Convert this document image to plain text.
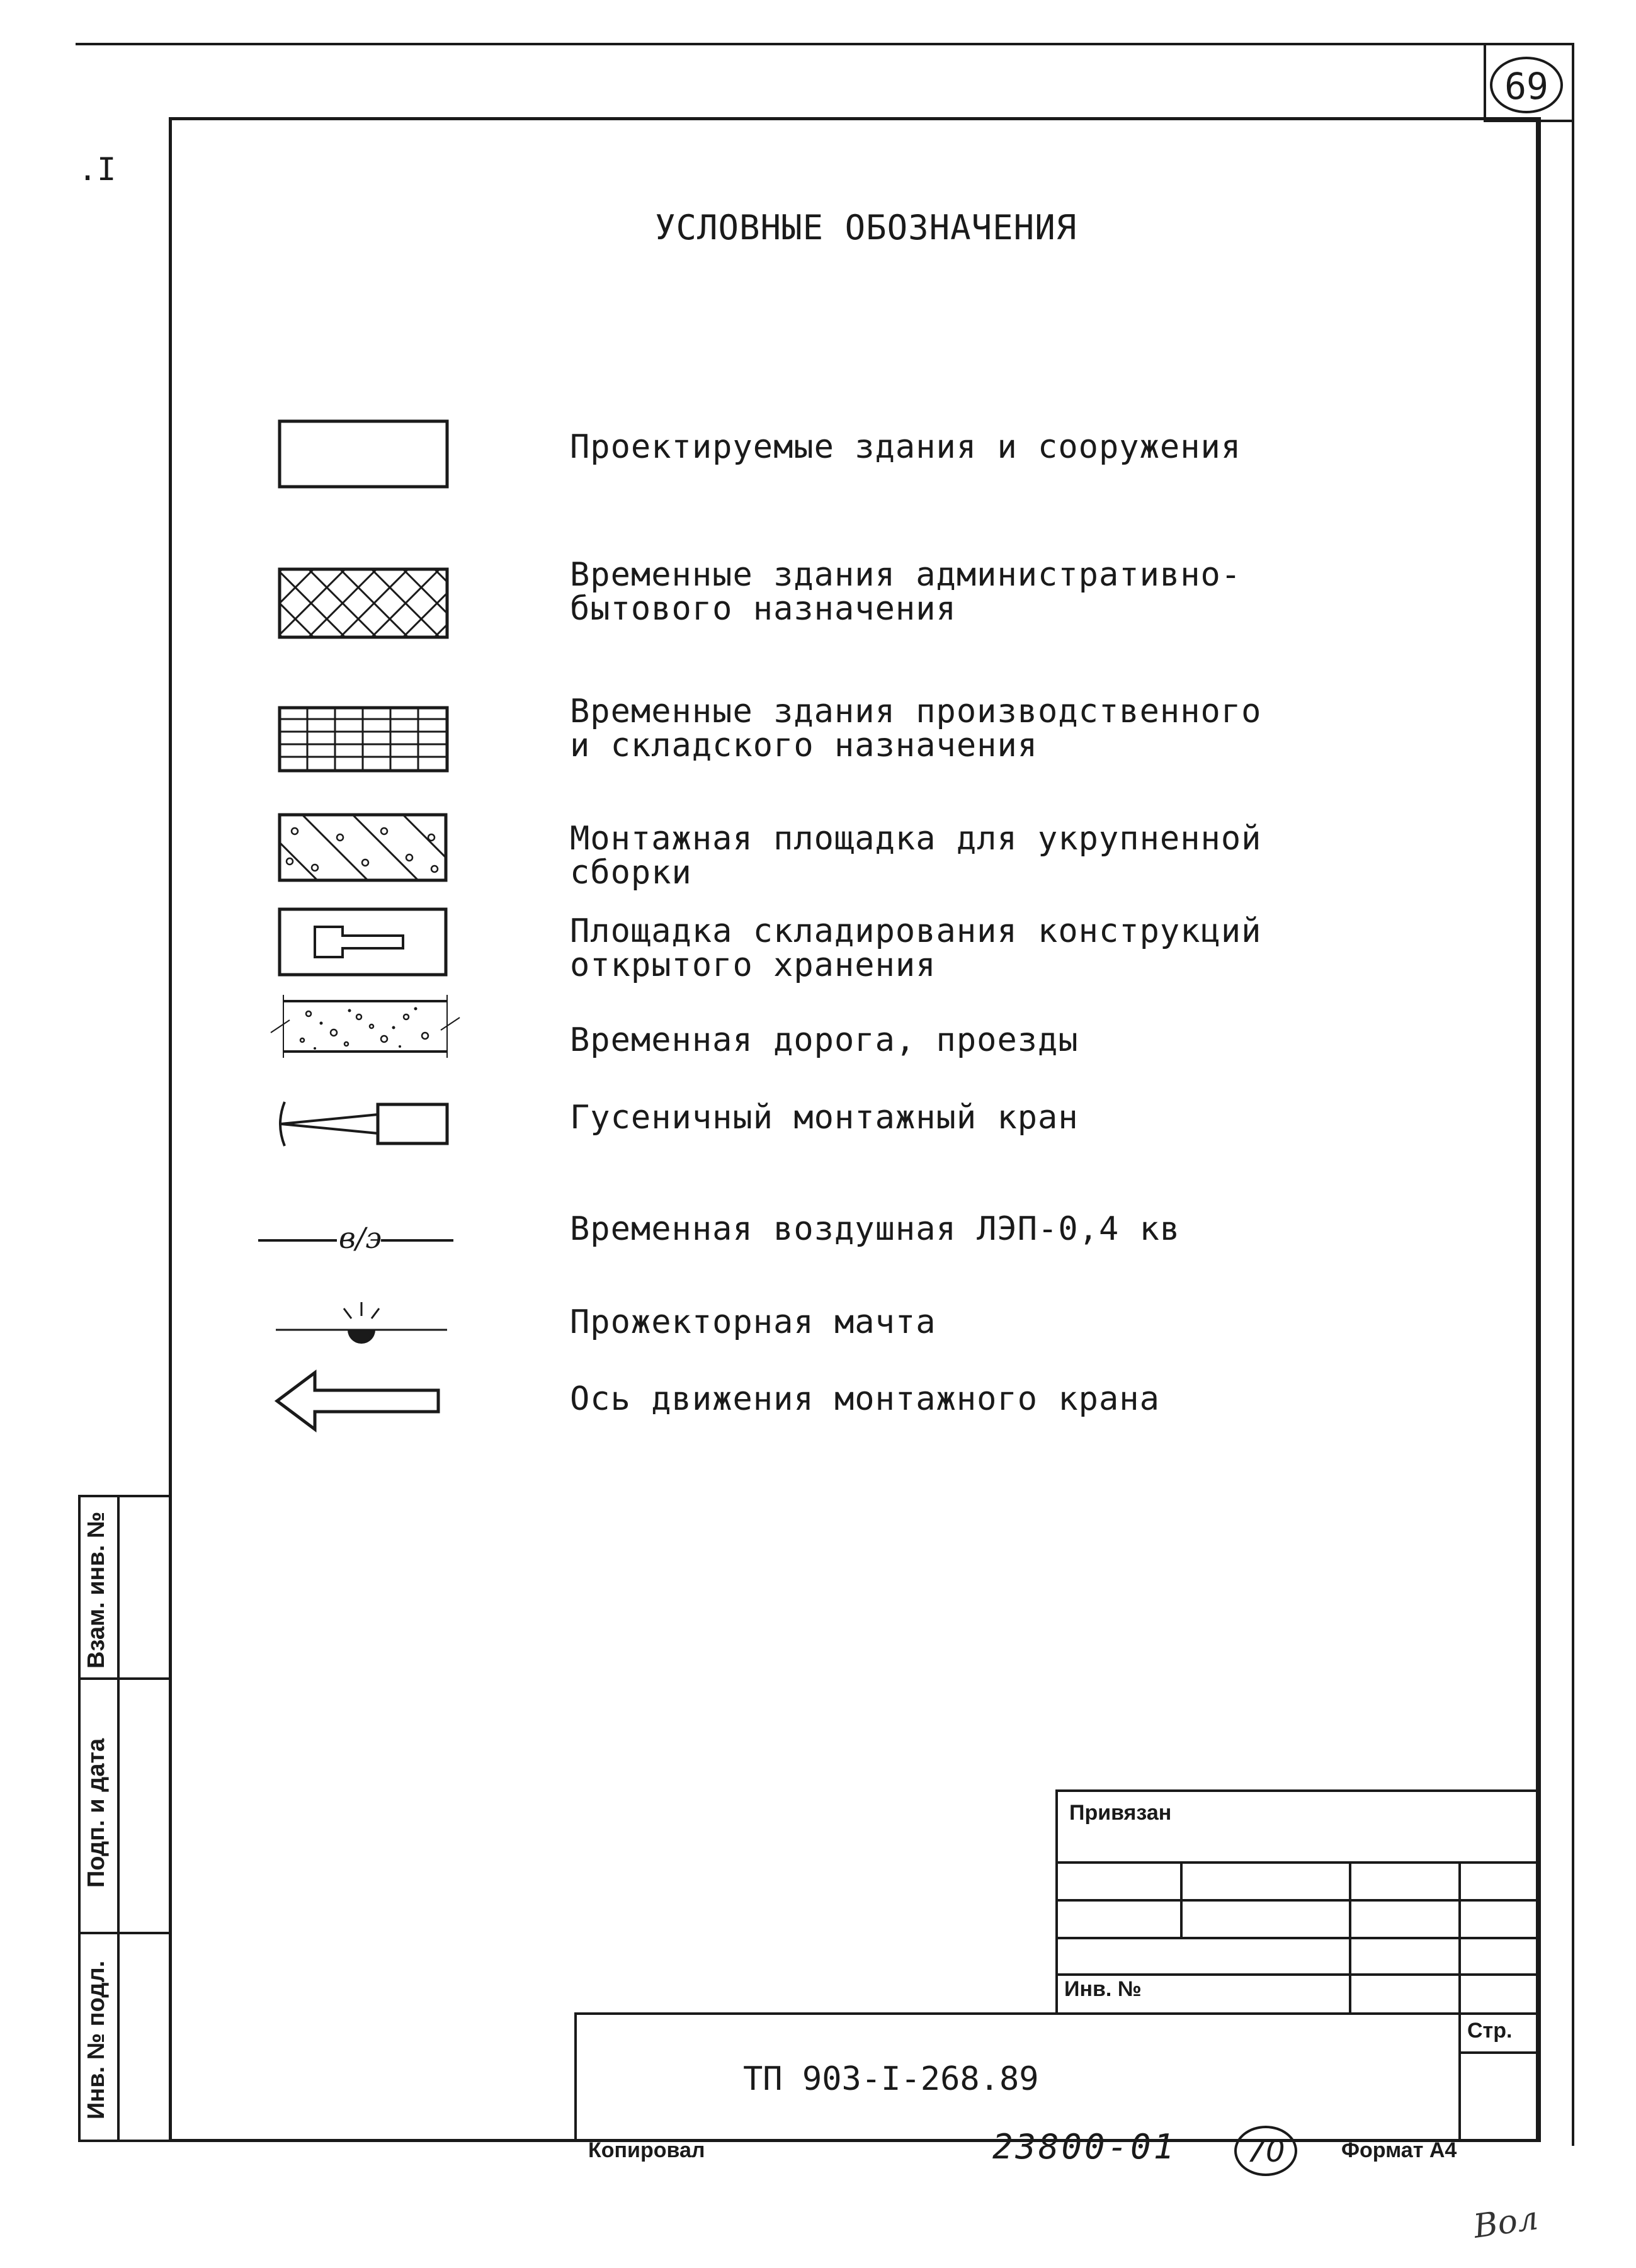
69
.I
УСЛОВНЫЕ ОБОЗНАЧЕНИЯ
в/э
Проектируемые здания и сооружения
Временные здания административно-
бытового назначения
Временные здания производственного
и складского назначения
Монтажная площадка для укрупненной
сборки
Площадка складирования конструкций
открытого хранения
Временная дорога, проезды
Гусеничный монтажный кран
Временная воздушная ЛЭП-0,4 кв
Прожекторная мачта
Ось движения монтажного крана
Взам. инв. №
Подп. и дата
Инв. № подл.
Привязан
Инв. №
Стр.
ТП 903-I-268.89
Копировал	23800-01	70	Формат А4
Вол
